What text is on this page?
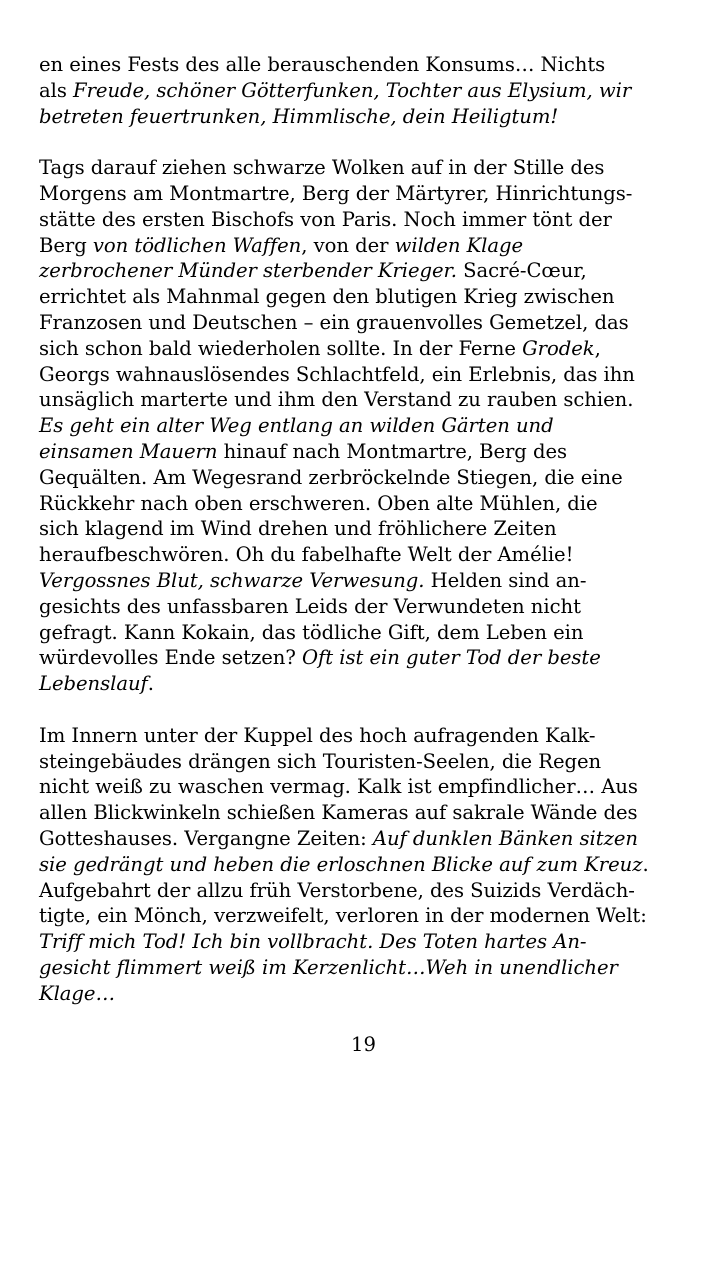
en eines Fests des alle berauschenden Konsums… Nichts
als Freude, schöner Götterfunken, Tochter aus Elysium, wir
betreten feuertrunken, Himmlische, dein Heiligtum!
Tags darauf ziehen schwarze Wolken auf in der Stille des
Morgens am Montmartre, Berg der Märtyrer, Hinrichtungs-
stätte des ersten Bischofs von Paris. Noch immer tönt der
Berg von tödlichen Waffen, von der wilden Klage
zerbrochener Münder sterbender Krieger. Sacré-Cœur,
errichtet als Mahnmal gegen den blutigen Krieg zwischen
Franzosen und Deutschen – ein grauenvolles Gemetzel, das
sich schon bald wiederholen sollte. In der Ferne Grodek,
Georgs wahnauslösendes Schlachtfeld, ein Erlebnis, das ihn
unsäglich marterte und ihm den Verstand zu rauben schien.
Es geht ein alter Weg entlang an wilden Gärten und
einsamen Mauern hinauf nach Montmartre, Berg des
Gequälten. Am Wegesrand zerbröckelnde Stiegen, die eine
Rückkehr nach oben erschweren. Oben alte Mühlen, die
sich klagend im Wind drehen und fröhlichere Zeiten
heraufbeschwören. Oh du fabelhafte Welt der Amélie!
Vergossnes Blut, schwarze Verwesung. Helden sind an-
gesichts des unfassbaren Leids der Verwundeten nicht
gefragt. Kann Kokain, das tödliche Gift, dem Leben ein
würdevolles Ende setzen? Oft ist ein guter Tod der beste
Lebenslauf.
Im Innern unter der Kuppel des hoch aufragenden Kalk-
steingebäudes drängen sich Touristen-Seelen, die Regen
nicht weiß zu waschen vermag. Kalk ist empfindlicher… Aus
allen Blickwinkeln schießen Kameras auf sakrale Wände des
Gotteshauses. Vergangne Zeiten: Auf dunklen Bänken sitzen
sie gedrängt und heben die erloschnen Blicke auf zum Kreuz.
Aufgebahrt der allzu früh Verstorbene, des Suizids Verdäch-
tigte, ein Mönch, verzweifelt, verloren in der modernen Welt:
Triff mich Tod! Ich bin vollbracht. Des Toten hartes An-
gesicht flimmert weiß im Kerzenlicht…Weh in unendlicher
Klage…
19
